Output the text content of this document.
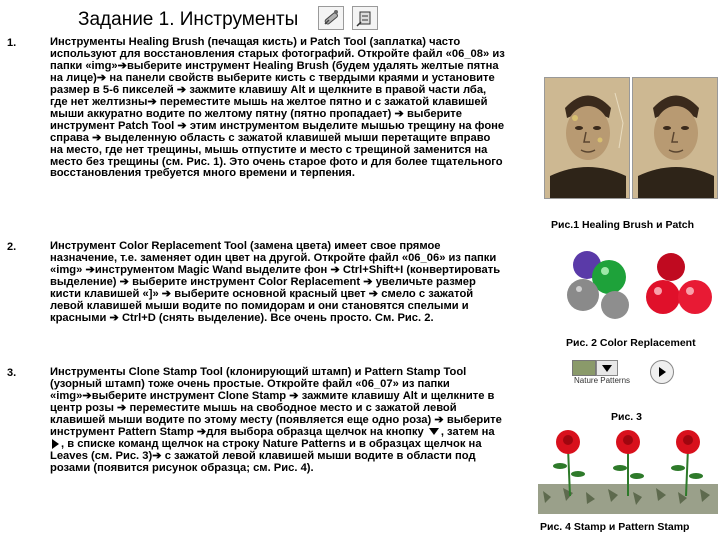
Задание 1. Инструменты
1.	Инструменты Healing Brush (печащая кисть) и Patch Tool (заплатка) часто используют для восстановления старых фотографий. Откройте файл «06_08» из папки «img»➔выберите инструмент Healing Brush (будем удалять желтые пятна на лице)➔ на панели свойств выберите кисть с твердыми краями и установите размер в 5-6 пикселей ➔ зажмите клавишу Alt и щелкните в правой части лба, где нет желтизны➔ переместите мышь на желтое пятно и с зажатой клавишей мыши аккуратно водите по желтому пятну (пятно пропадает) ➔ выберите инструмент Patch Tool ➔ этим инструментом выделите мышью трещину на фоне справа ➔ выделенную область с зажатой клавишей мыши перетащите вправо на место, где нет трещины, мышь отпустите и место с трещиной заменится на место без трещины (см. Рис. 1). Это очень старое фото и для более тщательного восстановления требуется много времени и терпения.
2.	Инструмент Color Replacement Tool (замена цвета) имеет свое прямое назначение, т.е. заменяет один цвет на другой. Откройте файл «06_06» из папки «img» ➔инструментом Magic Wand выделите фон ➔ Ctrl+Shift+I (конвертировать выделение) ➔ выберите инструмент Color Replacement ➔ увеличьте размер кисти клавишей «]» ➔ выберите основной красный цвет ➔ смело с зажатой левой клавишей мыши водите по помидорам и они становятся спелыми и красными ➔ Ctrl+D (снять выделение). Все очень просто. См. Рис. 2.
3.	Инструменты Clone Stamp Tool (клонирующий штамп) и Pattern Stamp Tool (узорный штамп) тоже очень простые. Откройте файл «06_07» из папки «img»➔выберите инструмент Clone Stamp ➔ зажмите клавишу Alt и щелкните в центр розы ➔ переместите мышь на свободное место и с зажатой левой клавишей мыши водите по этому месту (появляется еще одно роза) ➔ выберите инструмент Pattern Stamp ➔для выбора образца щелчок на кнопку , затем на , в списке команд щелчок на строку Nature Patterns и в образцах щелчок на Leaves (см. Рис. 3)➔ с зажатой левой клавишей мыши водите в области под розами (появится рисунок образца; см. Рис. 4).
Рис.1 Healing Brush и Patch
Рис. 2 Color Replacement
Nature Patterns
Рис. 3
Рис. 4 Stamp и Pattern Stamp
